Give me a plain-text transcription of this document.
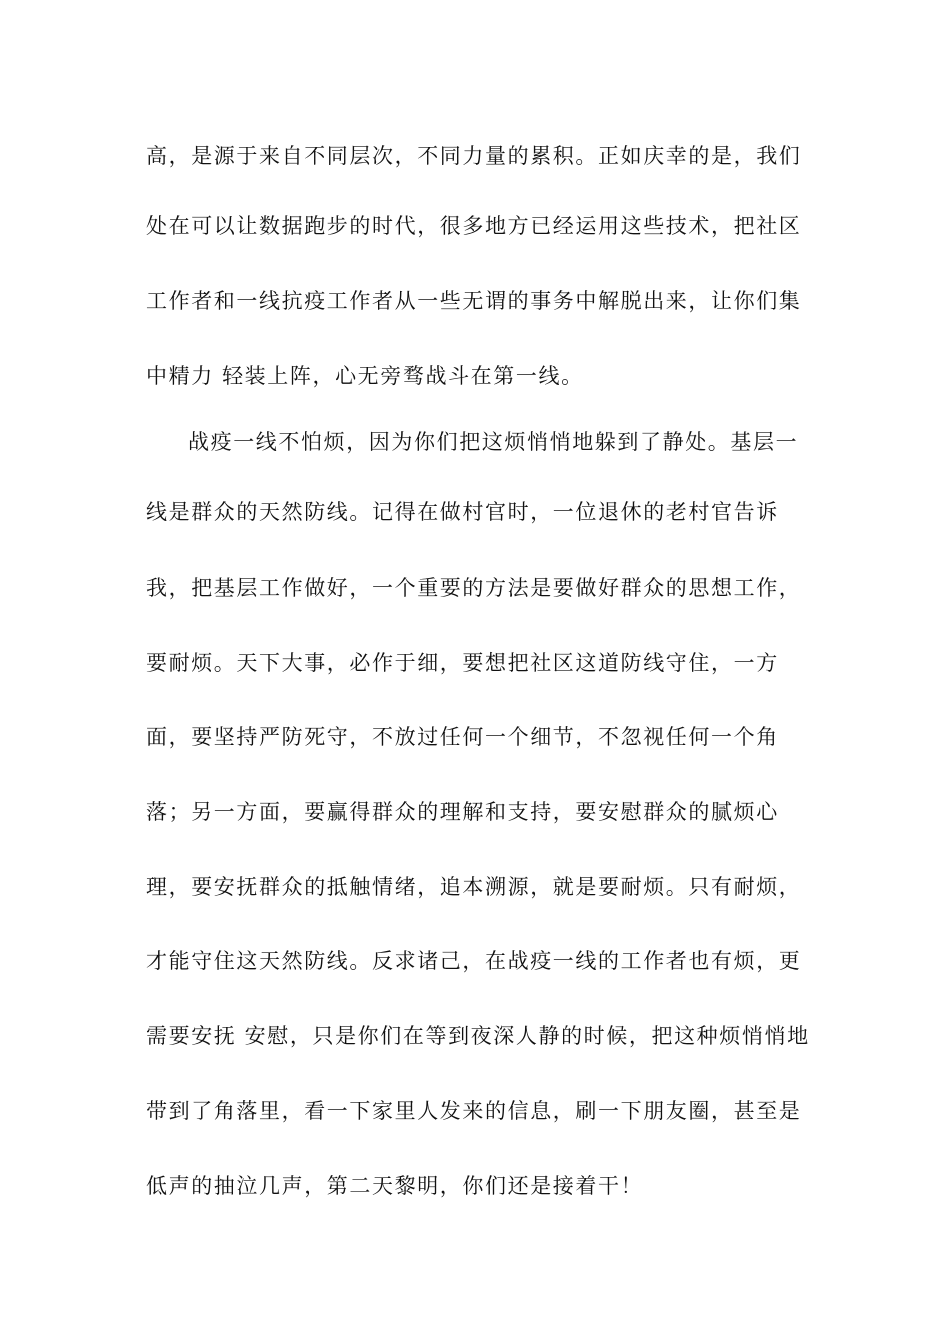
高，是源于来自不同层次，不同力量的累积。正如庆幸的是，我们
处在可以让数据跑步的时代，很多地方已经运用这些技术，把社区
工作者和一线抗疫工作者从一些无谓的事务中解脱出来，让你们集
中精力 轻装上阵，心无旁骛战斗在第一线。
战疫一线不怕烦，因为你们把这烦悄悄地躲到了静处。基层一
线是群众的天然防线。记得在做村官时，一位退休的老村官告诉
我，把基层工作做好，一个重要的方法是要做好群众的思想工作，
要耐烦。天下大事，必作于细，要想把社区这道防线守住，一方
面，要坚持严防死守，不放过任何一个细节，不忽视任何一个角
落；另一方面，要赢得群众的理解和支持，要安慰群众的腻烦心
理，要安抚群众的抵触情绪，追本溯源，就是要耐烦。只有耐烦，
才能守住这天然防线。反求诸己，在战疫一线的工作者也有烦，更
需要安抚 安慰，只是你们在等到夜深人静的时候，把这种烦悄悄地
带到了角落里，看一下家里人发来的信息，刷一下朋友圈，甚至是
低声的抽泣几声，第二天黎明，你们还是接着干！
